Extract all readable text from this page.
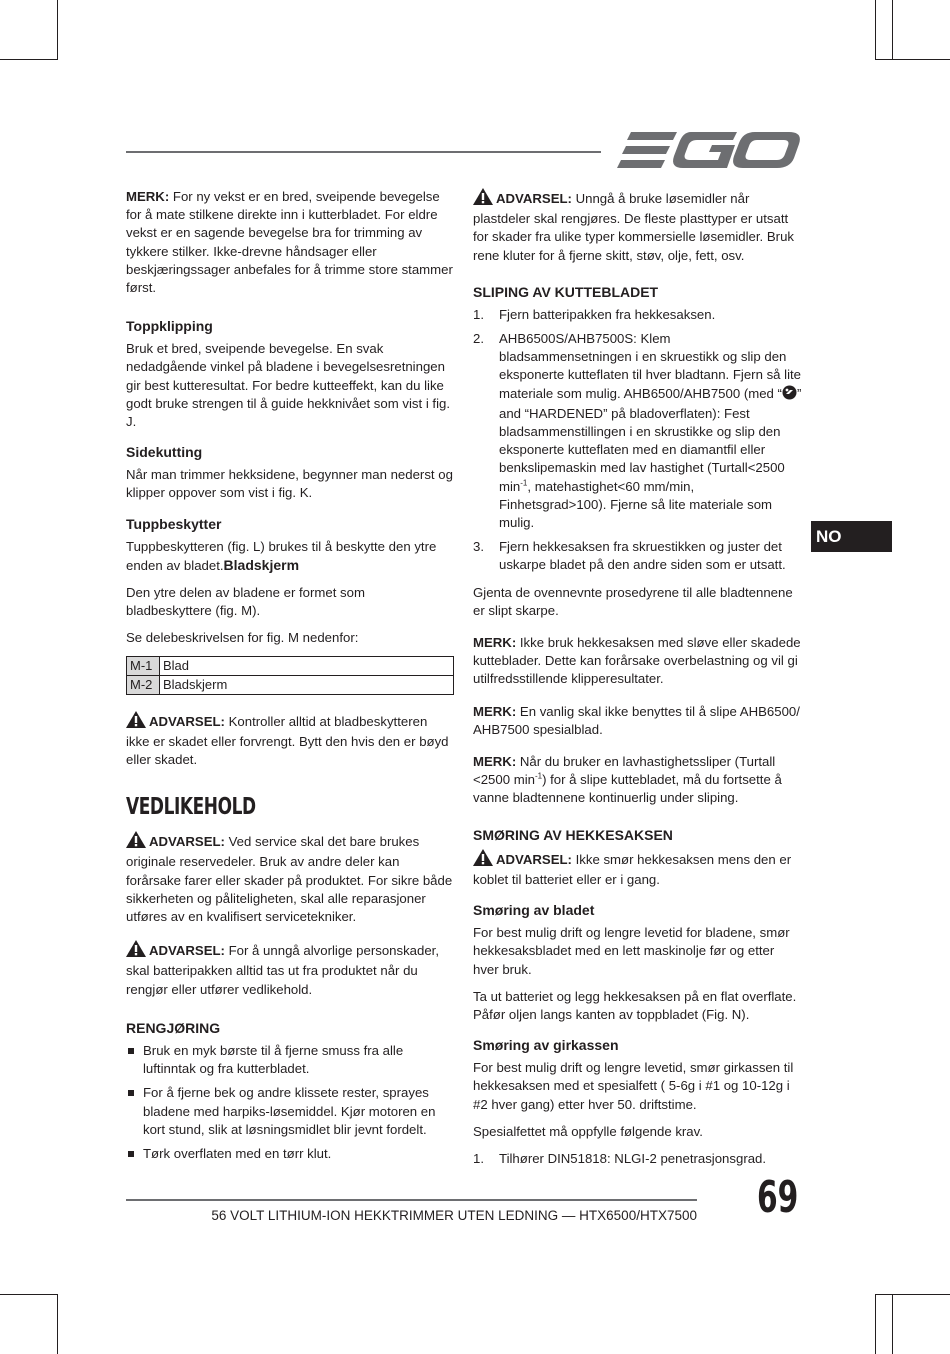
MERK: For ny vekst er en bred, sveipende bevegelse for å mate stilkene direkte inn i kutterbladet. For eldre vekst er en sagende bevegelse bra for trimming av tykkere stilker. Ikke-drevne håndsager eller beskjæringssager anbefales for å trimme store stammer først.

Toppklipping

Bruk et bred, sveipende bevegelse. En svak nedadgående vinkel på bladene i bevegelsesretningen gir best kutteresultat. For bedre kutteeffekt, kan du like godt bruke strengen til å guide hekknivået som vist i fig. J.

Sidekutting

Når man trimmer hekksidene, begynner man nederst og klipper oppover som vist i fig. K.

Tuppbeskytter

Tuppbeskytteren (fig. L) brukes til å beskytte den ytre enden av bladet.Bladskjerm

Den ytre delen av bladene er formet som bladbeskyttere (fig. M).

Se delebeskrivelsen for fig. M nedenfor:

M-1	Blad
M-2	Bladskjerm

ADVARSEL: Kontroller alltid at bladbeskytteren ikke er skadet eller forvrengt. Bytt den hvis den er bøyd eller skadet.

VEDLIKEHOLD

ADVARSEL: Ved service skal det bare brukes originale reservedeler. Bruk av andre deler kan forårsake farer eller skader på produktet. For sikre både sikkerheten og påliteligheten, skal alle reparasjoner utføres av en kvalifisert servicetekniker.

ADVARSEL: For å unngå alvorlige personskader, skal batteripakken alltid tas ut fra produktet når du rengjør eller utfører vedlikehold.

RENGJØRING
Bruk en myk børste til å fjerne smuss fra alle luftinntak og fra kutterbladet.
For å fjerne bek og andre klissete rester, sprayes bladene med harpiks-løsemiddel. Kjør motoren en kort stund, slik at løsningsmidlet blir jevnt fordelt.
Tørk overflaten med en tørr klut.

ADVARSEL: Unngå å bruke løsemidler når plastdeler skal rengjøres. De fleste plasttyper er utsatt for skader fra ulike typer kommersielle løsemidler. Bruk rene kluter for å fjerne skitt, støv, olje, fett, osv.

SLIPING AV KUTTEBLADET
1. Fjern batteripakken fra hekkesaksen.
2. AHB6500S/AHB7500S: Klem bladsammensetningen i en skruestikk og slip den eksponerte kutteflaten til hver bladtann. Fjern så lite materiale som mulig. AHB6500/AHB7500 (med “ ” and “HARDENED” på bladoverflaten): Fest bladsammenstillingen i en skrustikke og slip den eksponerte kutteflaten med en diamantfil eller benkslipemaskin med lav hastighet (Turtall<2500 $\min^{-1}$, matehastighet<60 mm/min, Finhetsgrad>100). Fjerne så lite materiale som mulig.
3. Fjern hekkesaksen fra skruestikken og juster det uskarpe bladet på den andre siden som er utsatt.

Gjenta de ovennevnte prosedyrene til alle bladtennene er slipt skarpe.

MERK: Ikke bruk hekkesaksen med sløve eller skadede kutteblader. Dette kan forårsake overbelastning og vil gi utilfredsstillende klipperesultater.

MERK: En vanlig skal ikke benyttes til å slipe AHB6500/ AHB7500 spesialblad.

MERK: Når du bruker en lavhastighetssliper (Turtall <2500 $\min^{-1}$) for å slipe kuttebladet, må du fortsette å vanne bladtennene kontinuerlig under sliping.

SMØRING AV HEKKESAKSEN

ADVARSEL: Ikke smør hekkesaksen mens den er koblet til batteriet eller er i gang.

Smøring av bladet

For best mulig drift og lengre levetid for bladene, smør hekkesaksbladet med en lett maskinolje før og etter hver bruk.

Ta ut batteriet og legg hekkesaksen på en flat overflate. Påfør oljen langs kanten av toppbladet (Fig. N).

Smøring av girkassen

For best mulig drift og lengre levetid, smør girkassen til hekkesaksen med et spesialfett ( 5-6g i #1 og 10-12g i #2 hver gang) etter hver 50. driftstime.

Spesialfettet må oppfylle følgende krav.

1. Tilhører DIN51818: NLGI-2 penetrasjonsgrad.
NO
56 VOLT LITHIUM-ION HEKKTRIMMER UTEN LEDNING — HTX6500/HTX7500 69
